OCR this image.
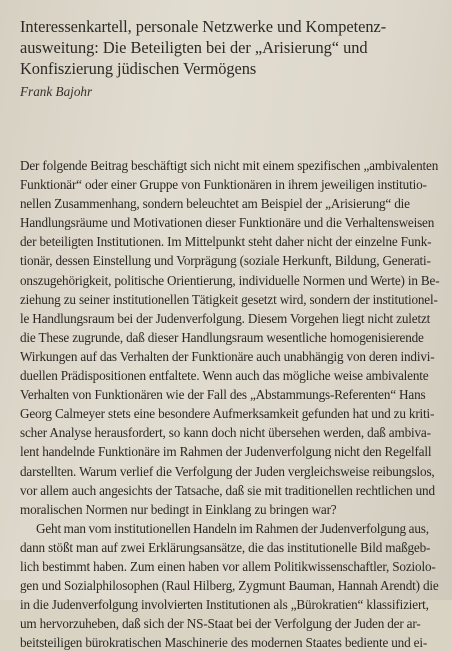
Interessenkartell, personale Netzwerke und Kompetenz-
ausweitung: Die Beteiligten bei der „Arisierung“ und
Konfiszierung jüdischen Vermögens

Frank Bajohr

Der folgende Beitrag beschäftigt sich nicht mit einem spezifischen „ambivalenten
Funktionär“ oder einer Gruppe von Funktionären in ihrem jeweiligen institutio-
nellen Zusammenhang, sondern beleuchtet am Beispiel der „Arisierung“ die
Handlungsräume und Motivationen dieser Funktionäre und die Verhaltensweisen
der beteiligten Institutionen. Im Mittelpunkt steht daher nicht der einzelne Funk-
tionär, dessen Einstellung und Vorprägung (soziale Herkunft, Bildung, Generati-
onszugehörigkeit, politische Orientierung, individuelle Normen und Werte) in Be-
ziehung zu seiner institutionellen Tätigkeit gesetzt wird, sondern der institutionel-
le Handlungsraum bei der Judenverfolgung. Diesem Vorgehen liegt nicht zuletzt
die These zugrunde, daß dieser Handlungsraum wesentliche homogenisierende
Wirkungen auf das Verhalten der Funktionäre auch unabhängig von deren indivi-
duellen Prädispositionen entfaltete. Wenn auch das mögliche weise ambivalente
Verhalten von Funktionären wie der Fall des „Abstammungs-Referenten“ Hans
Georg Calmeyer stets eine besondere Aufmerksamkeit gefunden hat und zu kriti-
scher Analyse herausfordert, so kann doch nicht übersehen werden, daß ambiva-
lent handelnde Funktionäre im Rahmen der Judenverfolgung nicht den Regelfall
darstellten. Warum verlief die Verfolgung der Juden vergleichsweise reibungslos,
vor allem auch angesichts der Tatsache, daß sie mit traditionellen rechtlichen und
moralischen Normen nur bedingt in Einklang zu bringen war?
Geht man vom institutionellen Handeln im Rahmen der Judenverfolgung aus,
dann stößt man auf zwei Erklärungsansätze, die das institutionelle Bild maßgeb-
lich bestimmt haben. Zum einen haben vor allem Politikwissenschaftler, Soziolo-
gen und Sozialphilosophen (Raul Hilberg, Zygmunt Bauman, Hannah Arendt) die
in die Judenverfolgung involvierten Institutionen als „Bürokratien“ klassifiziert,
um hervorzuheben, daß sich der NS-Staat bei der Verfolgung der Juden der ar-
beitsteiligen bürokratischen Maschinerie des modernen Staates bediente und ei-
